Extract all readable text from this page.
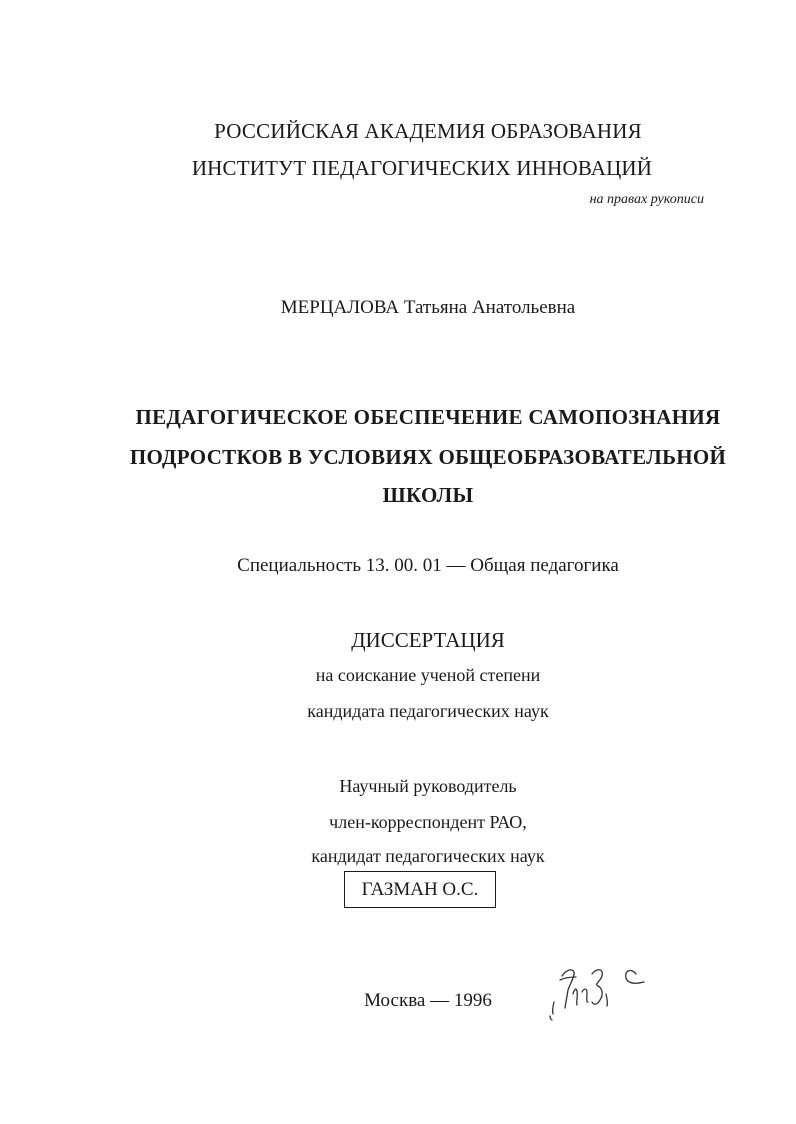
РОССИЙСКАЯ АКАДЕМИЯ ОБРАЗОВАНИЯ
ИНСТИТУТ ПЕДАГОГИЧЕСКИХ ИННОВАЦИЙ
на правах рукописи
МЕРЦАЛОВА Татьяна Анатольевна
ПЕДАГОГИЧЕСКОЕ ОБЕСПЕЧЕНИЕ САМОПОЗНАНИЯ
ПОДРОСТКОВ В УСЛОВИЯХ ОБЩЕОБРАЗОВАТЕЛЬНОЙ
ШКОЛЫ
Специальность 13. 00. 01 — Общая педагогика
ДИССЕРТАЦИЯ
на соискание ученой степени
кандидата педагогических наук
Научный руководитель
член-корреспондент РАО,
кандидат педагогических наук
ГАЗМАН О.С.
Москва — 1996
